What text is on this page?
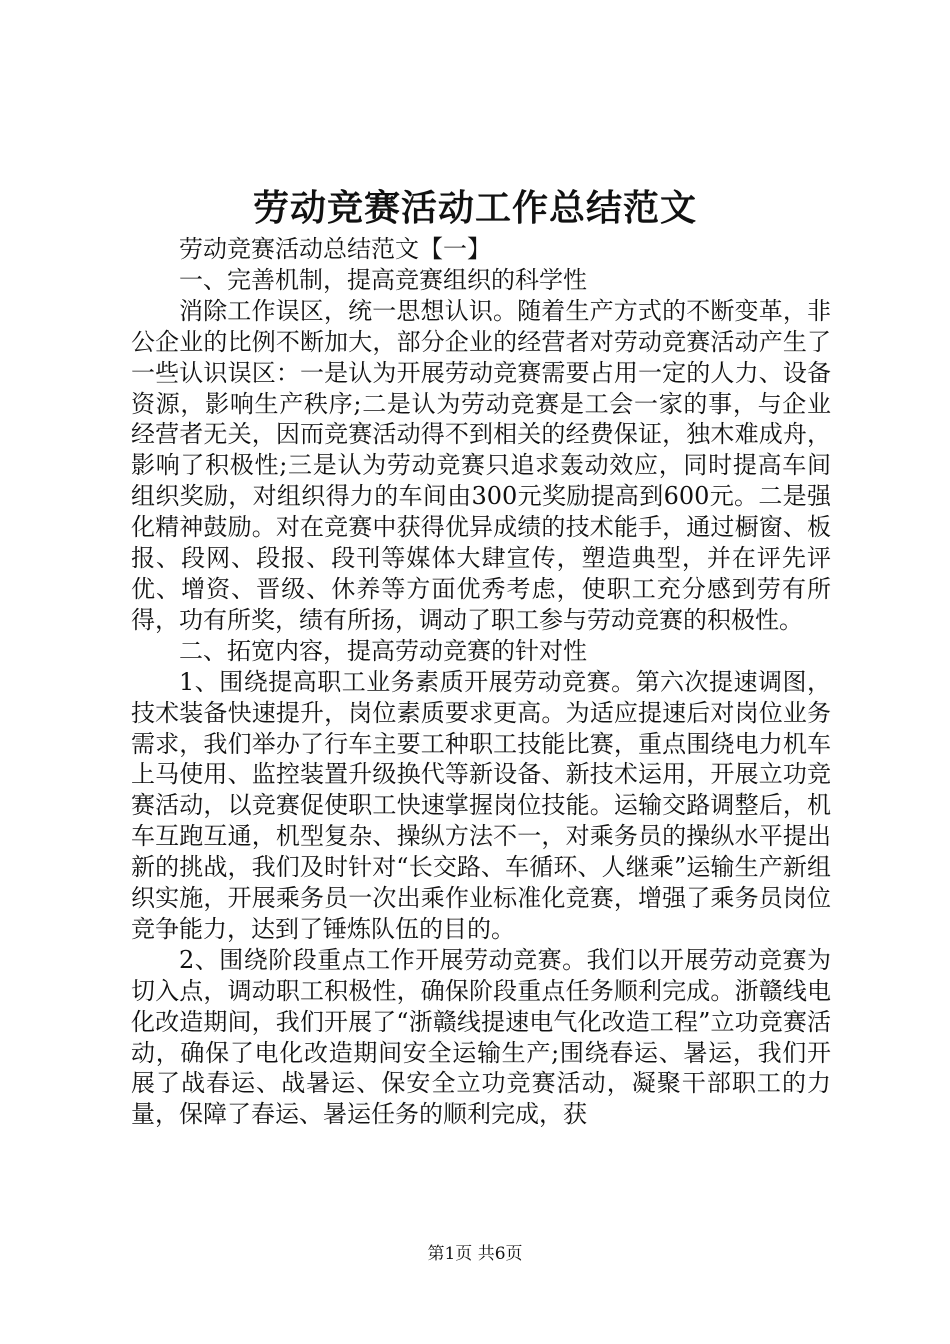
劳动竞赛活动工作总结范文

劳动竞赛活动总结范文【一】

一、完善机制，提高竞赛组织的科学性

消除工作误区，统一思想认识。随着生产方式的不断变革，非公企业的比例不断加大，部分企业的经营者对劳动竞赛活动产生了一些认识误区：一是认为开展劳动竞赛需要占用一定的人力、设备资源，影响生产秩序;二是认为劳动竞赛是工会一家的事，与企业经营者无关，因而竞赛活动得不到相关的经费保证，独木难成舟，影响了积极性;三是认为劳动竞赛只追求轰动效应，同时提高车间组织奖励，对组织得力的车间由300元奖励提高到600元。二是强化精神鼓励。对在竞赛中获得优异成绩的技术能手，通过橱窗、板报、段网、段报、段刊等媒体大肆宣传，塑造典型，并在评先评优、增资、晋级、休养等方面优秀考虑，使职工充分感到劳有所得，功有所奖，绩有所扬，调动了职工参与劳动竞赛的积极性。

二、拓宽内容，提高劳动竞赛的针对性

1、围绕提高职工业务素质开展劳动竞赛。第六次提速调图，技术装备快速提升，岗位素质要求更高。为适应提速后对岗位业务需求，我们举办了行车主要工种职工技能比赛，重点围绕电力机车上马使用、监控装置升级换代等新设备、新技术运用，开展立功竞赛活动，以竞赛促使职工快速掌握岗位技能。运输交路调整后，机车互跑互通，机型复杂、操纵方法不一，对乘务员的操纵水平提出新的挑战，我们及时针对“长交路、车循环、人继乘”运输生产新组织实施，开展乘务员一次出乘作业标准化竞赛，增强了乘务员岗位竞争能力，达到了锤炼队伍的目的。

2、围绕阶段重点工作开展劳动竞赛。我们以开展劳动竞赛为切入点，调动职工积极性，确保阶段重点任务顺利完成。浙赣线电化改造期间，我们开展了“浙赣线提速电气化改造工程”立功竞赛活动，确保了电化改造期间安全运输生产;围绕春运、暑运，我们开展了战春运、战暑运、保安全立功竞赛活动，凝聚干部职工的力量，保障了春运、暑运任务的顺利完成，获

第1页 共6页
